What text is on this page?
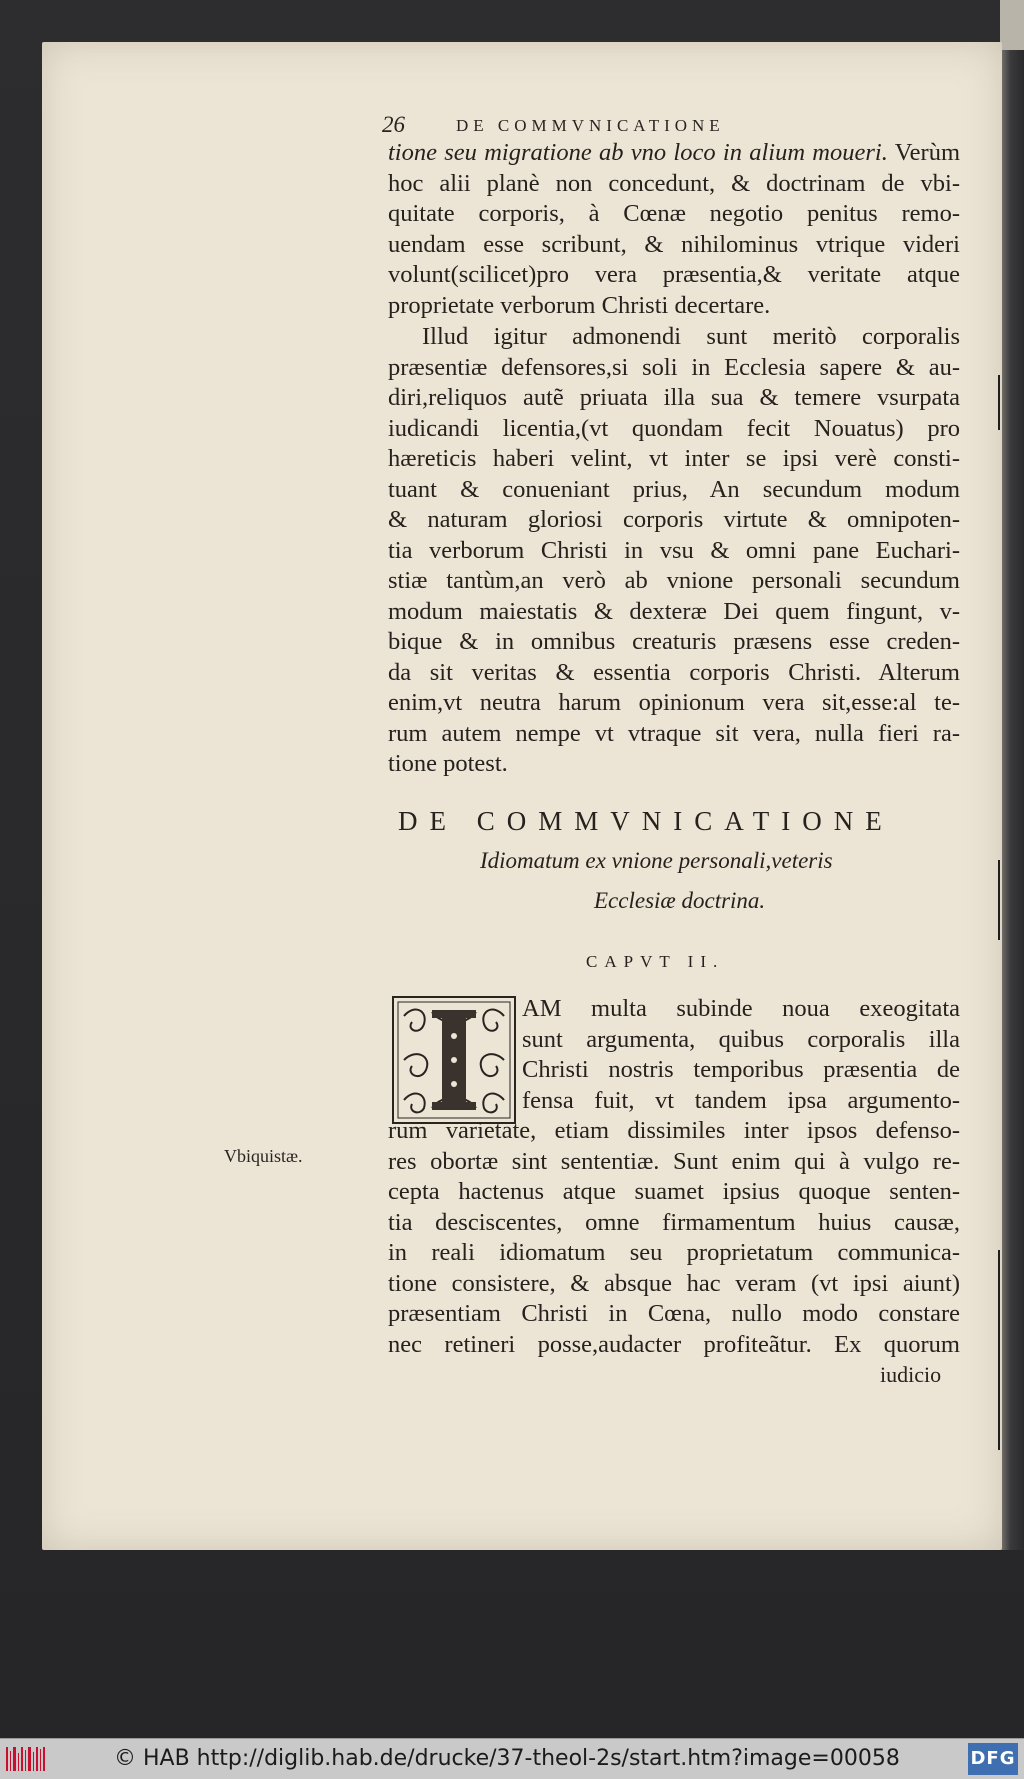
26	DE COMMVNICATIONE
tione seu migratione ab vno loco in alium moueri. Verùm
hoc alii planè non concedunt, & doctrinam de vbi-
quitate corporis, à Cœnæ negotio penitus remo-
uendam esse scribunt, & nihilominus vtrique videri
volunt(scilicet)pro vera præsentia,& veritate atque
proprietate verborum Christi decertare.
Illud igitur admonendi sunt meritò corporalis
præsentiæ defensores,si soli in Ecclesia sapere & au-
diri,reliquos autẽ priuata illa sua & temere vsurpata
iudicandi licentia,(vt quondam fecit Nouatus) pro
hæreticis haberi velint, vt inter se ipsi verè consti-
tuant & conueniant prius, An secundum modum
& naturam gloriosi corporis virtute & omnipoten-
tia verborum Christi in vsu & omni pane Euchari-
stiæ tantùm,an verò ab vnione personali secundum
modum maiestatis & dexteræ Dei quem fingunt, v-
bique & in omnibus creaturis præsens esse creden-
da sit veritas & essentia corporis Christi. Alterum
enim,vt neutra harum opinionum vera sit,esse:al te-
rum autem nempe vt vtraque sit vera, nulla fieri ra-
tione potest.
DE COMMVNICATIONE
Idiomatum ex vnione personali,veteris
Ecclesiæ doctrina.
CAPVT II.
AM multa subinde noua exeogitata
sunt argumenta, quibus corporalis illa
Christi nostris temporibus præsentia de
fensa fuit, vt tandem ipsa argumento-
rum varietate, etiam dissimiles inter ipsos defenso-
res obortæ sint sententiæ. Sunt enim qui à vulgo re-
cepta hactenus atque suamet ipsius quoque senten-
tia desciscentes, omne firmamentum huius causæ,
in reali idiomatum seu proprietatum communica-
tione consistere, & absque hac veram (vt ipsi aiunt)
præsentiam Christi in Cœna, nullo modo constare
nec retineri posse,audacter profiteãtur. Ex quorum
iudicio
Vbiquistæ.
© HAB http://diglib.hab.de/drucke/37-theol-2s/start.htm?image=00058	DFG
